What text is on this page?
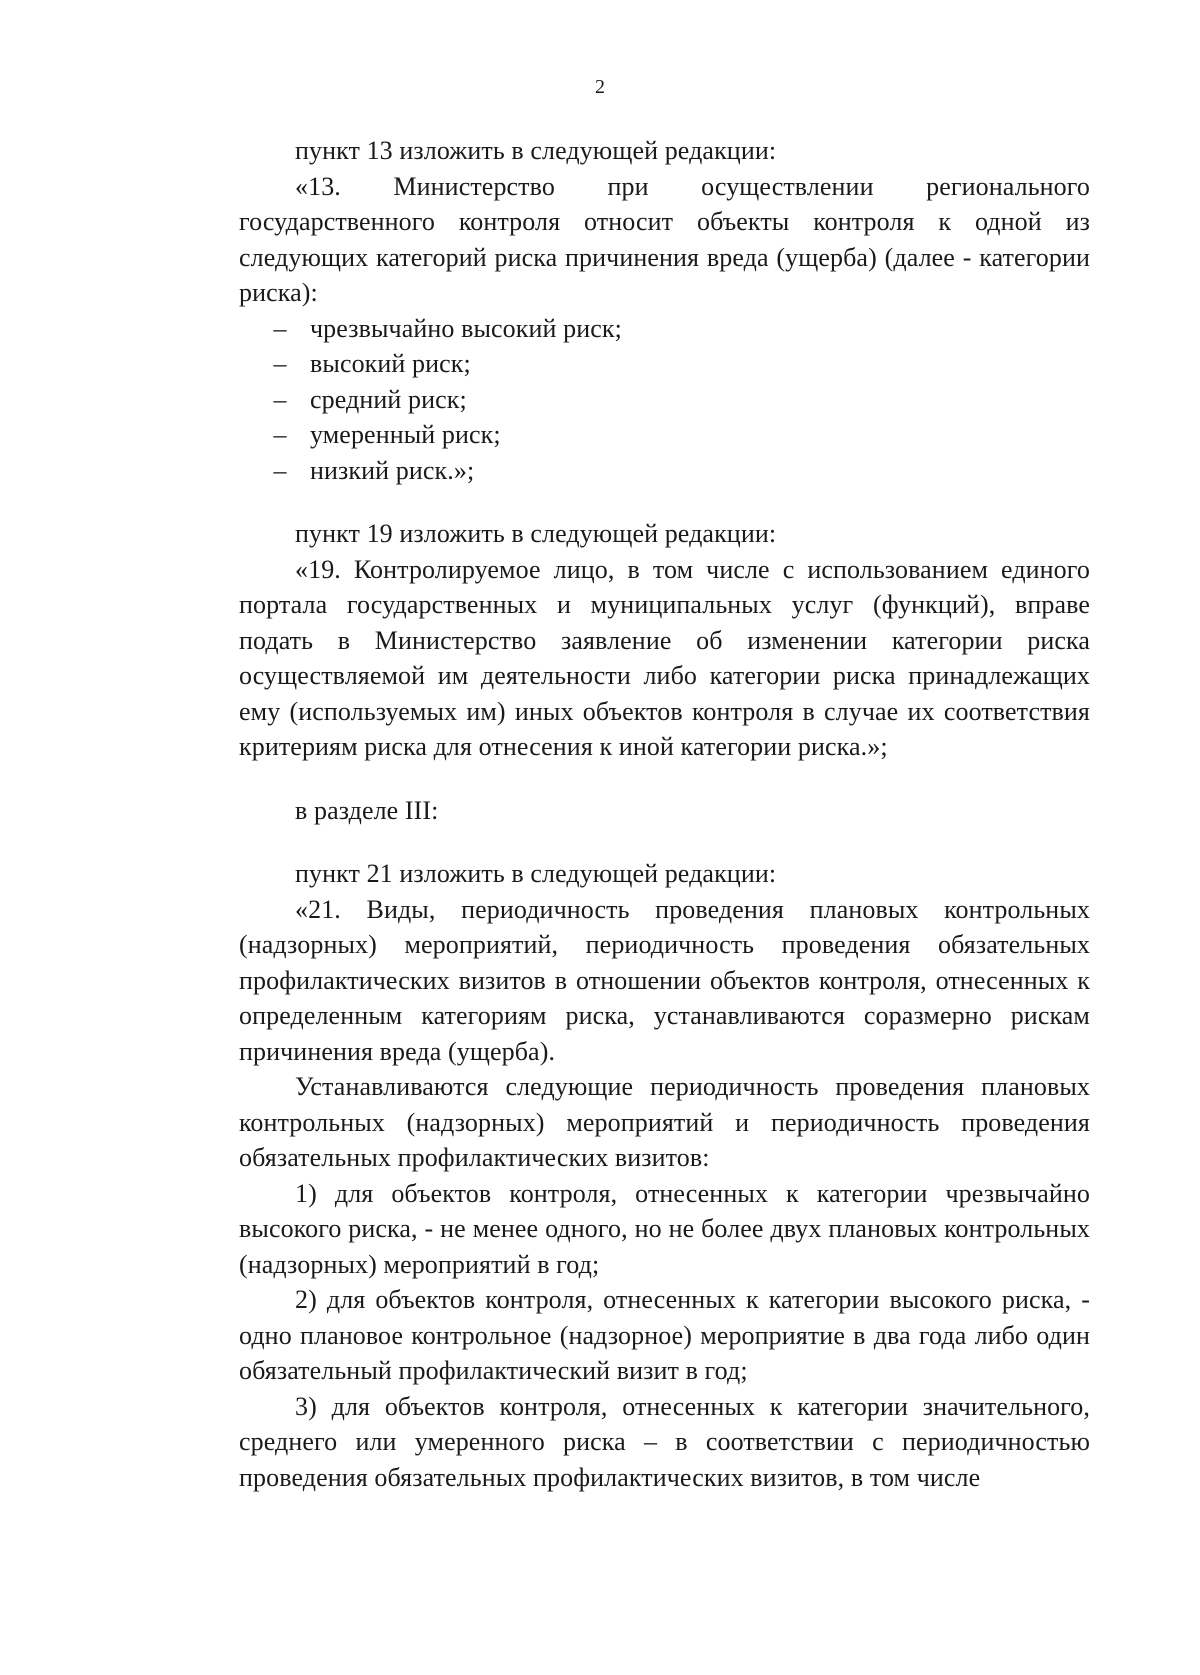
2

пункт 13 изложить в следующей редакции:

«13. Министерство при осуществлении регионального государственного контроля относит объекты контроля к одной из следующих категорий риска причинения вреда (ущерба) (далее - категории риска):

– чрезвычайно высокий риск;
– высокий риск;
– средний риск;
– умеренный риск;
– низкий риск.»;

пункт 19 изложить в следующей редакции:

«19. Контролируемое лицо, в том числе с использованием единого портала государственных и муниципальных услуг (функций), вправе подать в Министерство заявление об изменении категории риска осуществляемой им деятельности либо категории риска принадлежащих ему (используемых им) иных объектов контроля в случае их соответствия критериям риска для отнесения к иной категории риска.»;

в разделе III:

пункт 21 изложить в следующей редакции:

«21. Виды, периодичность проведения плановых контрольных (надзорных) мероприятий, периодичность проведения обязательных профилактических визитов в отношении объектов контроля, отнесенных к определенным категориям риска, устанавливаются соразмерно рискам причинения вреда (ущерба).

Устанавливаются следующие периодичность проведения плановых контрольных (надзорных) мероприятий и периодичность проведения обязательных профилактических визитов:

1) для объектов контроля, отнесенных к категории чрезвычайно высокого риска, - не менее одного, но не более двух плановых контрольных (надзорных) мероприятий в год;

2) для объектов контроля, отнесенных к категории высокого риска, - одно плановое контрольное (надзорное) мероприятие в два года либо один обязательный профилактический визит в год;

3) для объектов контроля, отнесенных к категории значительного, среднего или умеренного риска – в соответствии с периодичностью проведения обязательных профилактических визитов, в том числе
